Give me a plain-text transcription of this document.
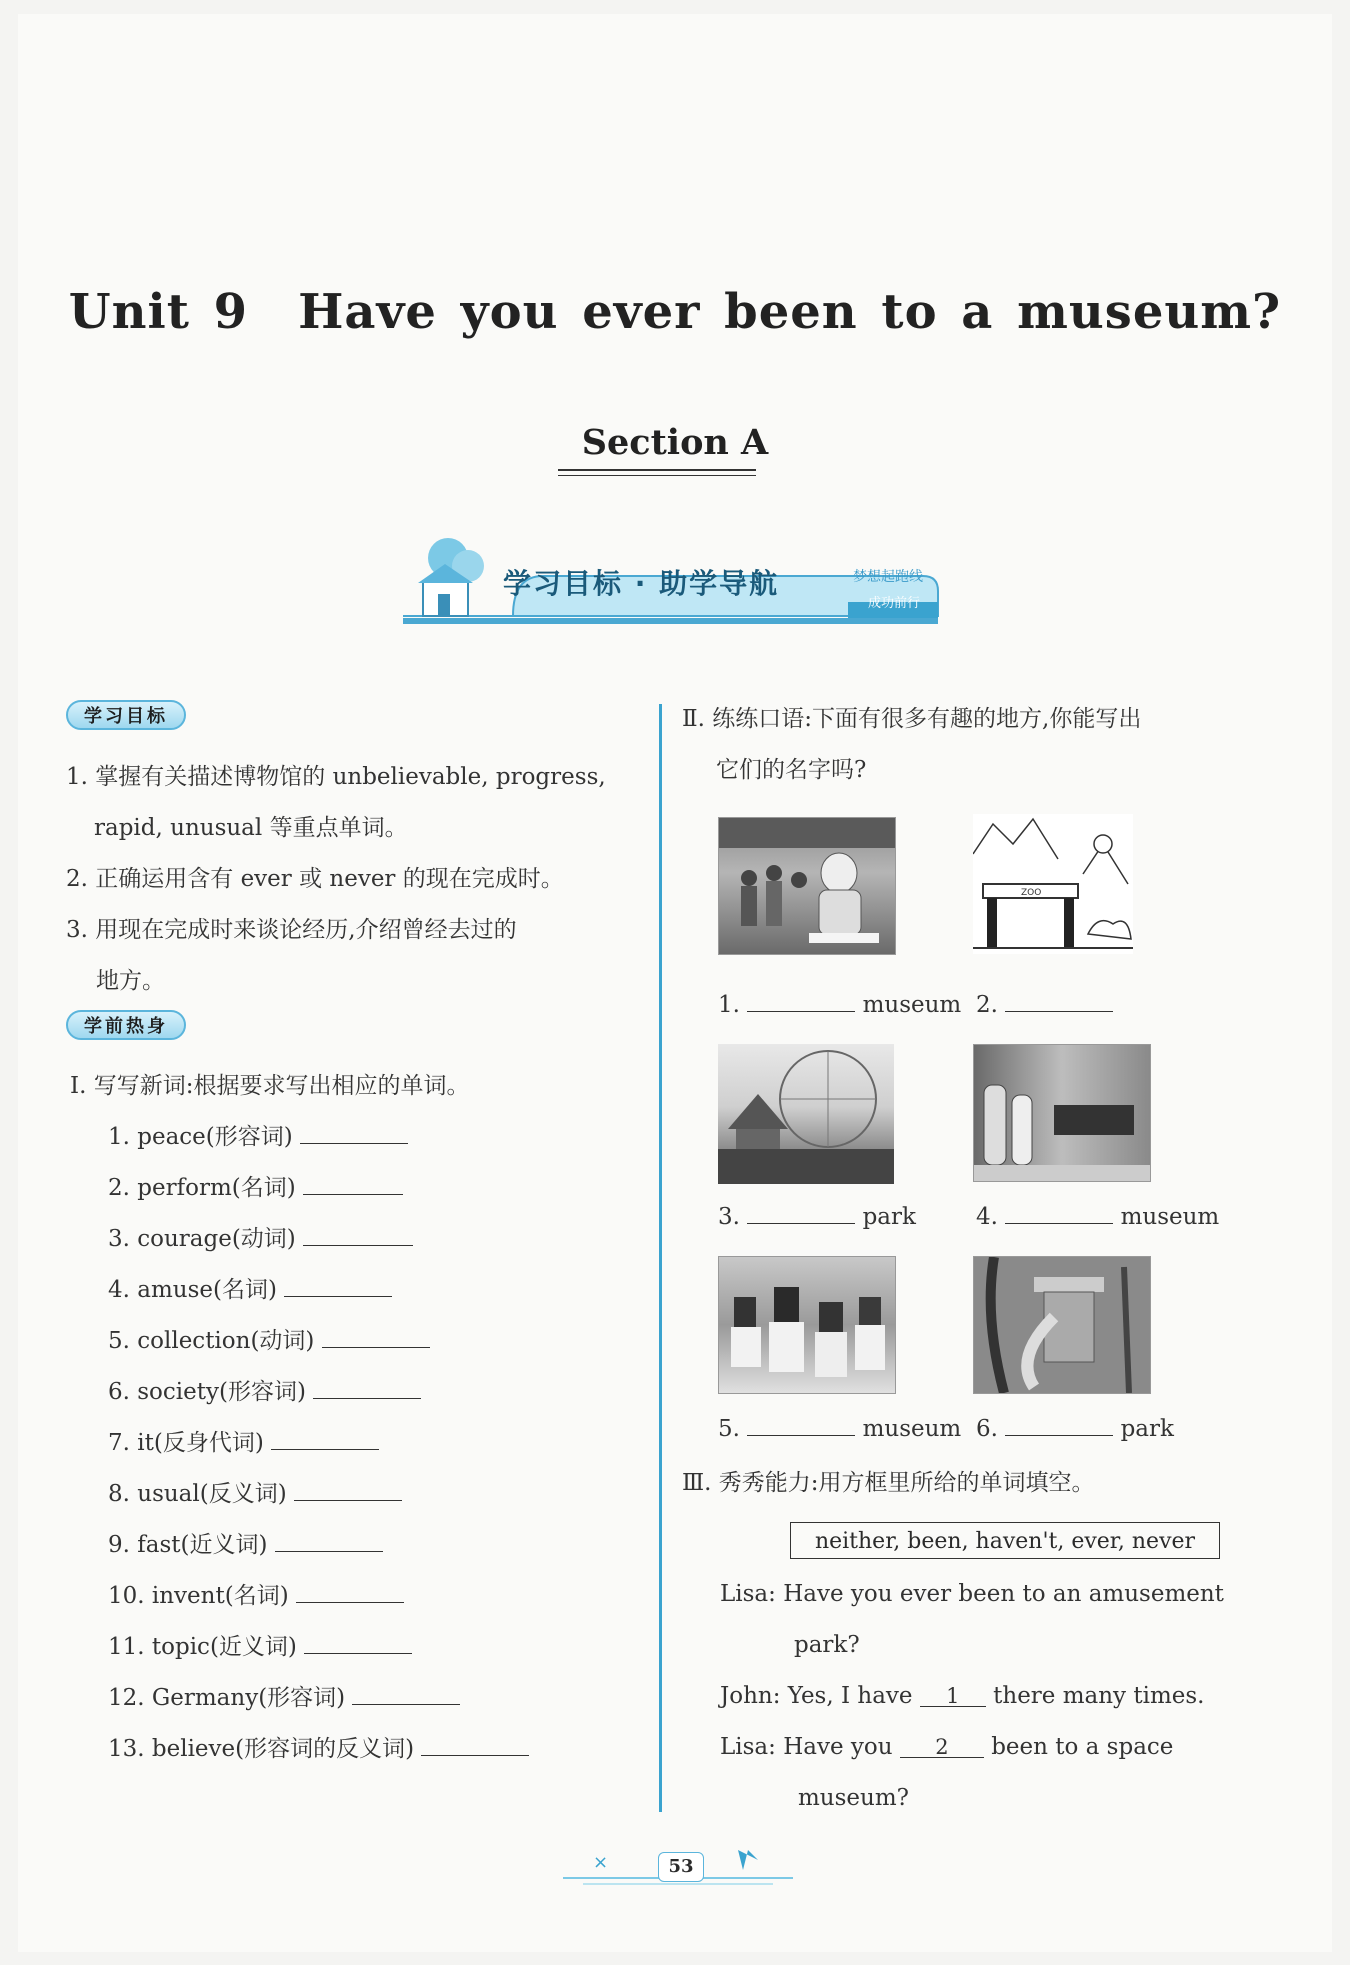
Unit 9 Have you ever been to a museum?
Section A
学习目标 · 助学导航	梦想起跑线
成功前行
学习目标
1. 掌握有关描述博物馆的 unbelievable, progress,
rapid, unusual 等重点单词。
2. 正确运用含有 ever 或 never 的现在完成时。
3. 用现在完成时来谈论经历,介绍曾经去过的
地方。
学前热身
Ⅰ. 写写新词:根据要求写出相应的单词。
1. peace(形容词)
2. perform(名词)
3. courage(动词)
4. amuse(名词)
5. collection(动词)
6. society(形容词)
7. it(反身代词)
8. usual(反义词)
9. fast(近义词)
10. invent(名词)
11. topic(近义词)
12. Germany(形容词)
13. believe(形容词的反义词)
Ⅱ. 练练口语:下面有很多有趣的地方,你能写出
它们的名字吗?
ZOO
1.	museum 2.
3.	park	4.	museum
5.	museum 6.	park
Ⅲ. 秀秀能力:用方框里所给的单词填空。
neither, been, haven't, ever, never
Lisa: Have you ever been to an amusement
park?
John: Yes, I have 1 there many times.
Lisa: Have you 2 been to a space
museum?
×	53
